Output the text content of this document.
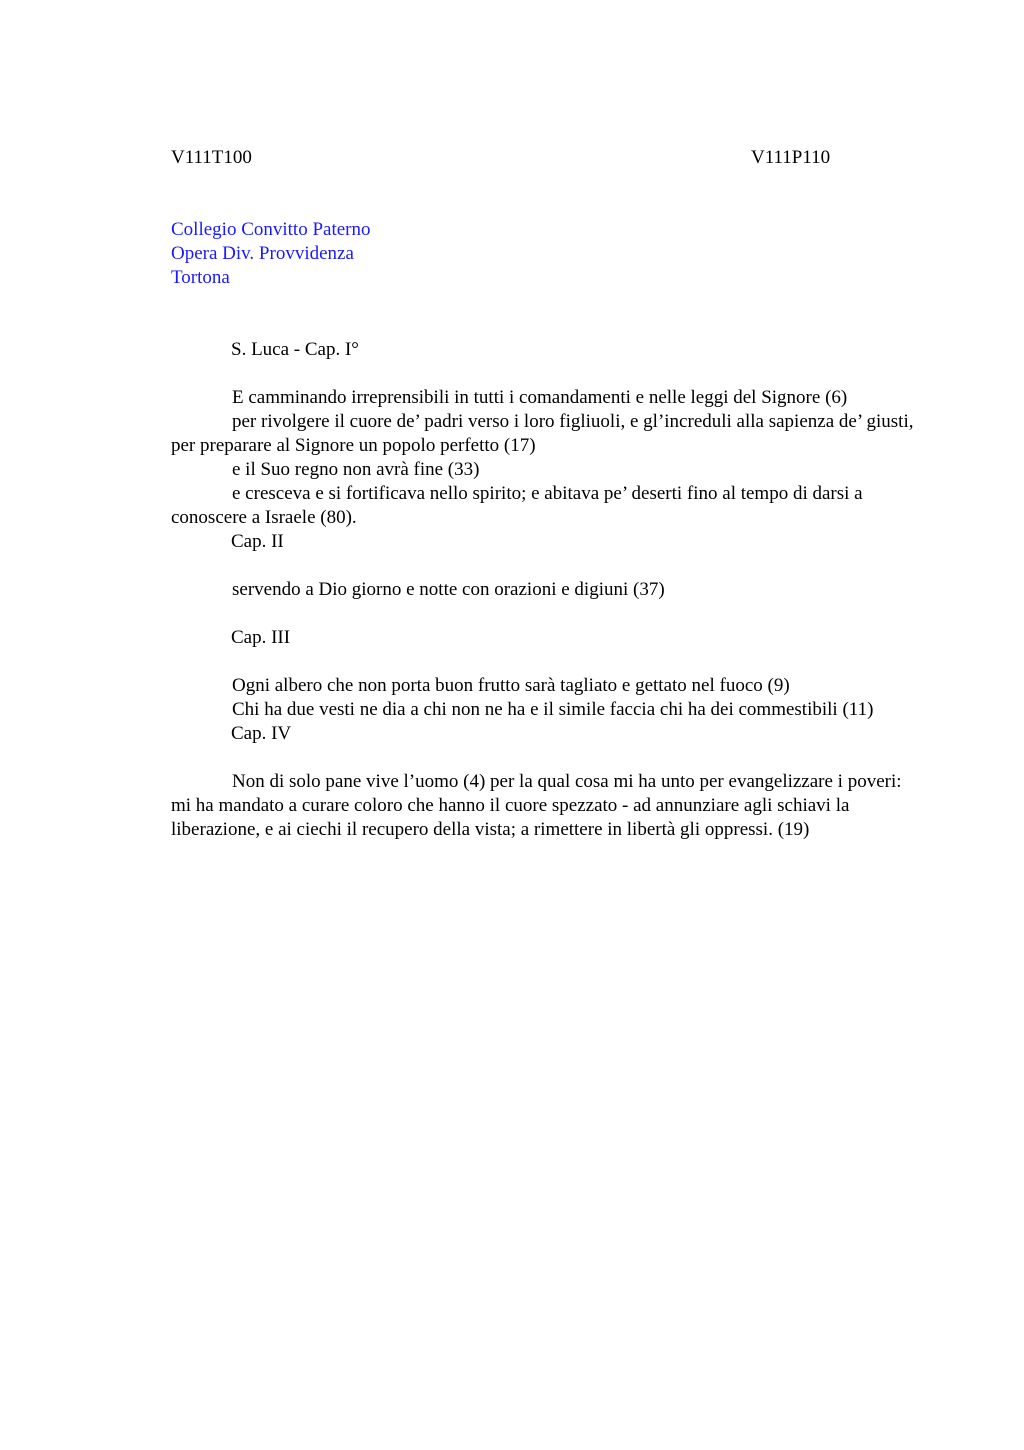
V111T100	V111P110
Collegio Convitto Paterno
Opera Div. Provvidenza
Tortona

S. Luca - Cap. I°

E camminando irreprensibili in tutti i comandamenti e nelle leggi del Signore (6)

per rivolgere il cuore de’ padri verso i loro figliuoli, e gl’increduli alla sapienza de’ giusti, per preparare al Signore un popolo perfetto (17)

e il Suo regno non avrà fine (33)

e cresceva e si fortificava nello spirito; e abitava pe’ deserti fino al tempo di darsi a conoscere a Israele (80).

Cap. II

servendo a Dio giorno e notte con orazioni e digiuni (37)

Cap. III

Ogni albero che non porta buon frutto sarà tagliato e gettato nel fuoco (9)

Chi ha due vesti ne dia a chi non ne ha e il simile faccia chi ha dei commestibili (11)

Cap. IV

Non di solo pane vive l’uomo (4) per la qual cosa mi ha unto per evangelizzare i poveri: mi ha mandato a curare coloro che hanno il cuore spezzato - ad annunziare agli schiavi la liberazione, e ai ciechi il recupero della vista; a rimettere in libertà gli oppressi. (19)
